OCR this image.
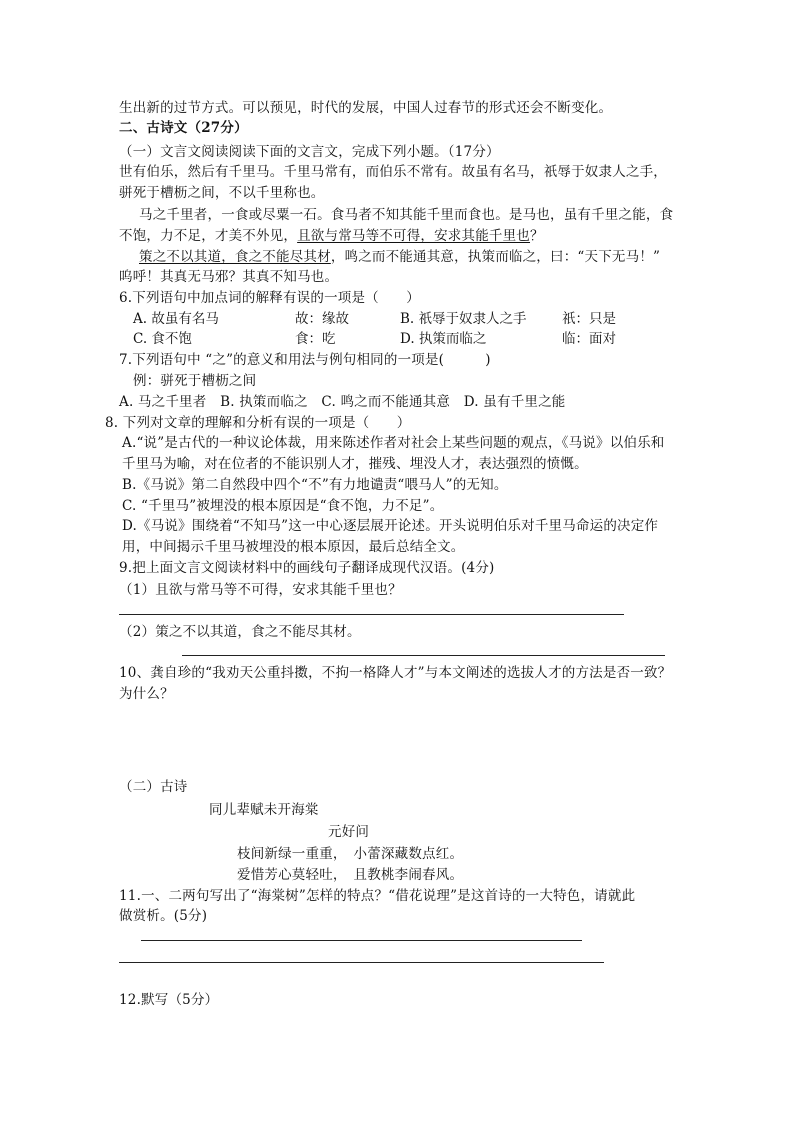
生出新的过节方式。可以预见，时代的发展，中国人过春节的形式还会不断变化。
二、古诗文（27分）
（一）文言文阅读阅读下面的文言文，完成下列小题。（17分）
世有伯乐，然后有千里马。千里马常有，而伯乐不常有。故虽有名马，祇辱于奴隶人之手，
骈死于槽枥之间，不以千里称也。
马之千里者，一食或尽粟一石。食马者不知其能千里而食也。是马也，虽有千里之能，食
不饱，力不足，才美不外见，且欲与常马等不可得，安求其能千里也？
策之不以其道，食之不能尽其材，鸣之而不能通其意，执策而临之，曰：“天下无马！”
呜呼！其真无马邪？其真不知马也。
6.下列语句中加点词的解释有误的一项是（　　）
A. 故虽有名马	故：缘故	B. 祇辱于奴隶人之手	祇：只是
C. 食不饱	食：吃	D. 执策而临之	临：面对
7.下列语句中 “之”的意义和用法与例句相同的一项是(　　　)
例：骈死于槽枥之间
A. 马之千里者　B. 执策而临之　C. 鸣之而不能通其意　D. 虽有千里之能
8. 下列对文章的理解和分析有误的一项是（　　）
A.“说”是古代的一种议论体裁，用来陈述作者对社会上某些问题的观点，《马说》以伯乐和
千里马为喻，对在位者的不能识别人才，摧残、埋没人才，表达强烈的愤慨。
B.《马说》第二自然段中四个“不”有力地谴责“喂马人”的无知。
C. “千里马”被埋没的根本原因是“食不饱，力不足”。
D.《马说》围绕着“不知马”这一中心逐层展开论述。开头说明伯乐对千里马命运的决定作
用，中间揭示千里马被埋没的根本原因，最后总结全文。
9.把上面文言文阅读材料中的画线句子翻译成现代汉语。(4分)
（1）且欲与常马等不可得，安求其能千里也？
（2）策之不以其道，食之不能尽其材。
10、龚自珍的“我劝天公重抖擞，不拘一格降人才”与本文阐述的选拔人才的方法是否一致？
为什么？
（二）古诗
同儿辈赋未开海棠
元好问
枝间新绿一重重，　小蕾深藏数点红。
爱惜芳心莫轻吐，　且教桃李闹春风。
11.一、二两句写出了“海棠树”怎样的特点？“借花说理”是这首诗的一大特色，请就此
做赏析。(5分)
12.默写（5分）
